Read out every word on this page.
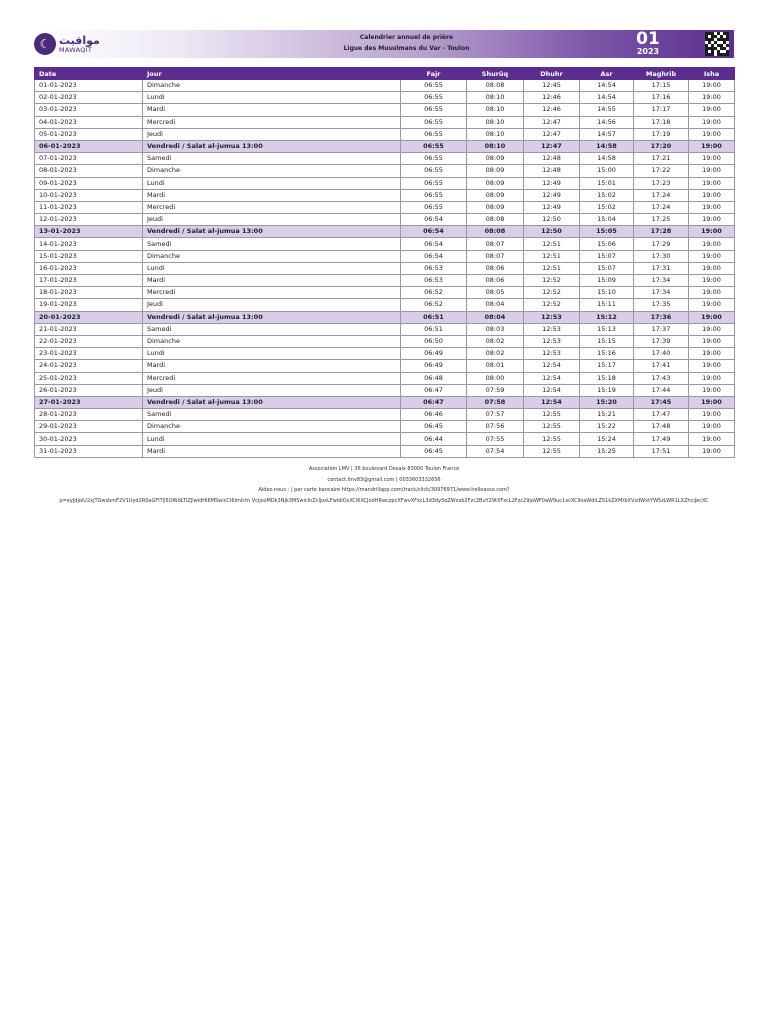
☾ مواقيت
MAWAQIT
Calendrier annuel de prière
Ligue des Musulmans du Var - Toulon	01
2023
Date	Jour	Fajr	Shurûq	Dhuhr	Asr	Maghrib	Isha
01-01-2023	Dimanche	06:55	08:08	12:45	14:54	17:15	19:00
02-01-2023	Lundi	06:55	08:10	12:46	14:54	17:16	19:00
03-01-2023	Mardi	06:55	08:10	12:46	14:55	17:17	19:00
04-01-2023	Mercredi	06:55	08:10	12:47	14:56	17:18	19:00
05-01-2023	Jeudi	06:55	08:10	12:47	14:57	17:19	19:00
06-01-2023	Vendredi / Salat al-jumua 13:00	06:55	08:10	12:47	14:58	17:20	19:00
07-01-2023	Samedi	06:55	08:09	12:48	14:58	17:21	19:00
08-01-2023	Dimanche	06:55	08:09	12:48	15:00	17:22	19:00
09-01-2023	Lundi	06:55	08:09	12:49	15:01	17:23	19:00
10-01-2023	Mardi	06:55	08:09	12:49	15:02	17:24	19:00
11-01-2023	Mercredi	06:55	08:09	12:49	15:02	17:24	19:00
12-01-2023	Jeudi	06:54	08:08	12:50	15:04	17:25	19:00
13-01-2023	Vendredi / Salat al-jumua 13:00	06:54	08:08	12:50	15:05	17:28	19:00
14-01-2023	Samedi	06:54	08:07	12:51	15:06	17:29	19:00
15-01-2023	Dimanche	06:54	08:07	12:51	15:07	17:30	19:00
16-01-2023	Lundi	06:53	08:06	12:51	15:07	17:31	19:00
17-01-2023	Mardi	06:53	08:06	12:52	15:09	17:34	19:00
18-01-2023	Mercredi	06:52	08:05	12:52	15:10	17:34	19:00
19-01-2023	Jeudi	06:52	08:04	12:52	15:11	17:35	19:00
20-01-2023	Vendredi / Salat al-jumua 13:00	06:51	08:04	12:53	15:12	17:36	19:00
21-01-2023	Samedi	06:51	08:03	12:53	15:13	17:37	19:00
22-01-2023	Dimanche	06:50	08:02	12:53	15:15	17:39	19:00
23-01-2023	Lundi	06:49	08:02	12:53	15:16	17:40	19:00
24-01-2023	Mardi	06:49	08:01	12:54	15:17	17:41	19:00
25-01-2023	Mercredi	06:48	08:00	12:54	15:18	17:43	19:00
26-01-2023	Jeudi	06:47	07:59	12:54	15:19	17:44	19:00
27-01-2023	Vendredi / Salat al-jumua 13:00	06:47	07:58	12:54	15:20	17:45	19:00
28-01-2023	Samedi	06:46	07:57	12:55	15:21	17:47	19:00
29-01-2023	Dimanche	06:45	07:56	12:55	15:22	17:48	19:00
30-01-2023	Lundi	06:44	07:55	12:55	15:24	17:49	19:00
31-01-2023	Mardi	06:45	07:54	12:55	15:25	17:51	19:00
Association LMV | 36 boulevard Desaix 83000 Toulon France
contact.lmv83@gmail.com | 0033603332656
Aidez-nous : | par carte bancaire https://mandrillapp.com/track/click/30976971/www.helloasso.com?
p=eyJdjoiU2xjTGwsbmF2V1Uyd2R0aGFlTjI5OWdLTlZJlwidHI6MSwicCI6Imlctn VcIjozMDk3Njk3MSwicInZcljoxLFwidiQsXCl6XCJodHRwczpcXFwvXFxcL3d3dy5oZWxsb2Fzc2BuY29tXFxcL2Fzc29jaWF0aW9uc1xcXC9saWdlLZS1kZXMtbXVzdWxtYW5zLWR1LXZhciJecXC
